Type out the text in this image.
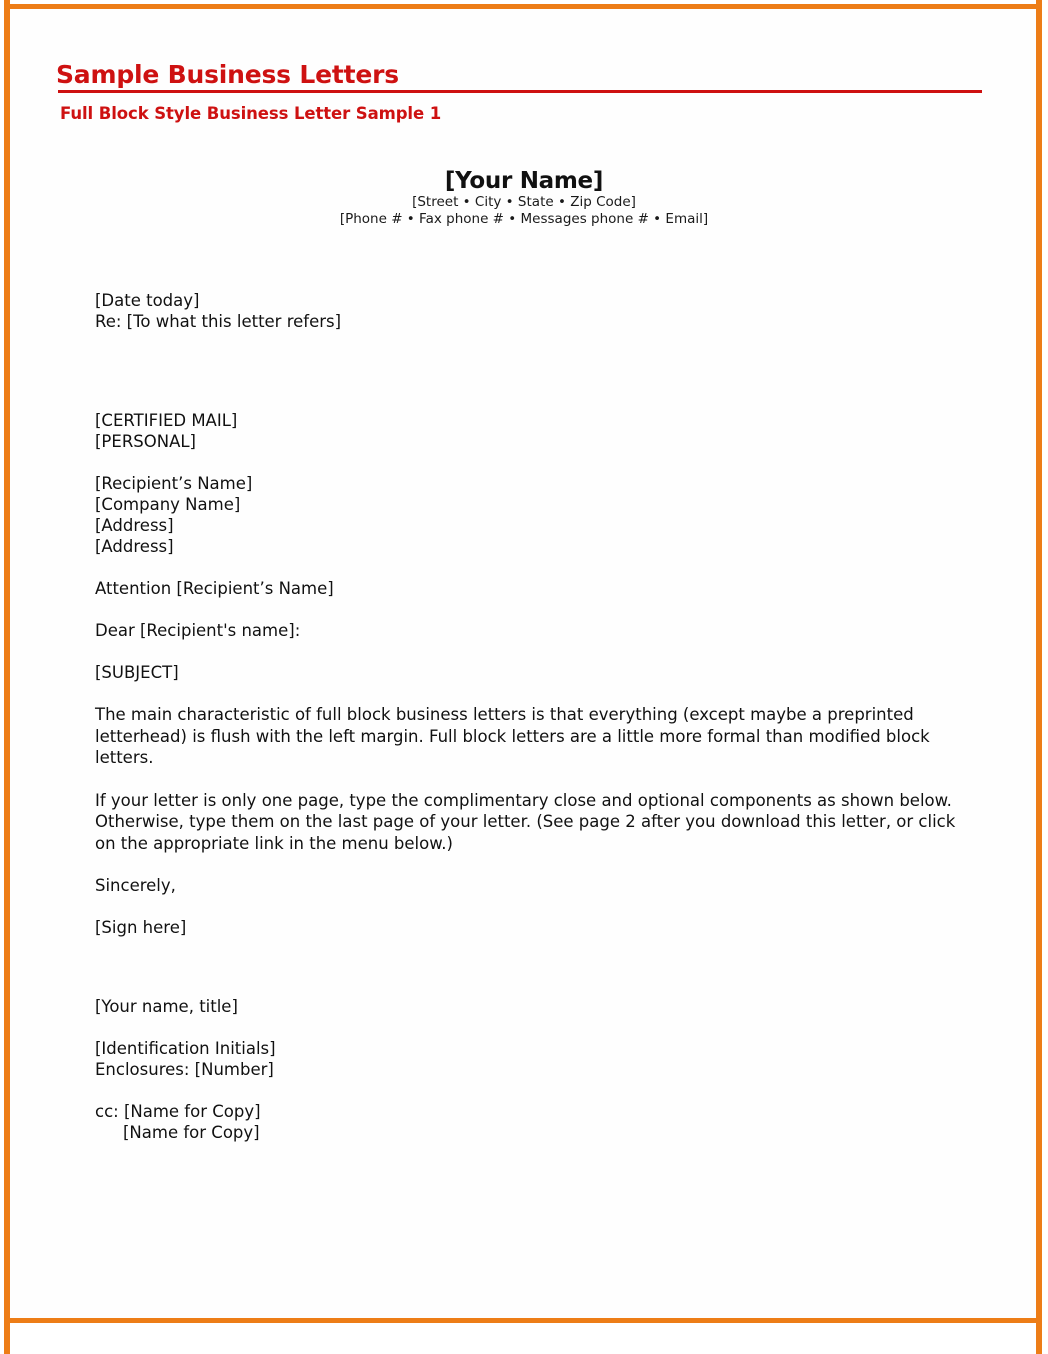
Sample Business Letters
Full Block Style Business Letter Sample 1
[Your Name]
[Street • City • State • Zip Code]
[Phone # • Fax phone # • Messages phone # • Email]
[Date today]
Re: [To what this letter refers]
[CERTIFIED MAIL]
[PERSONAL]
[Recipient’s Name]
[Company Name]
[Address]
[Address]
Attention [Recipient’s Name]
Dear [Recipient's name]:
[SUBJECT]

The main characteristic of full block business letters is that everything (except maybe a preprinted letterhead) is flush with the left margin. Full block letters are a little more formal than modified block letters.

If your letter is only one page, type the complimentary close and optional components as shown below. Otherwise, type them on the last page of your letter. (See page 2 after you download this letter, or click on the appropriate link in the menu below.)

Sincerely,
[Sign here]
[Your name, title]
[Identification Initials]
Enclosures: [Number]
cc: [Name for Copy]
[Name for Copy]
